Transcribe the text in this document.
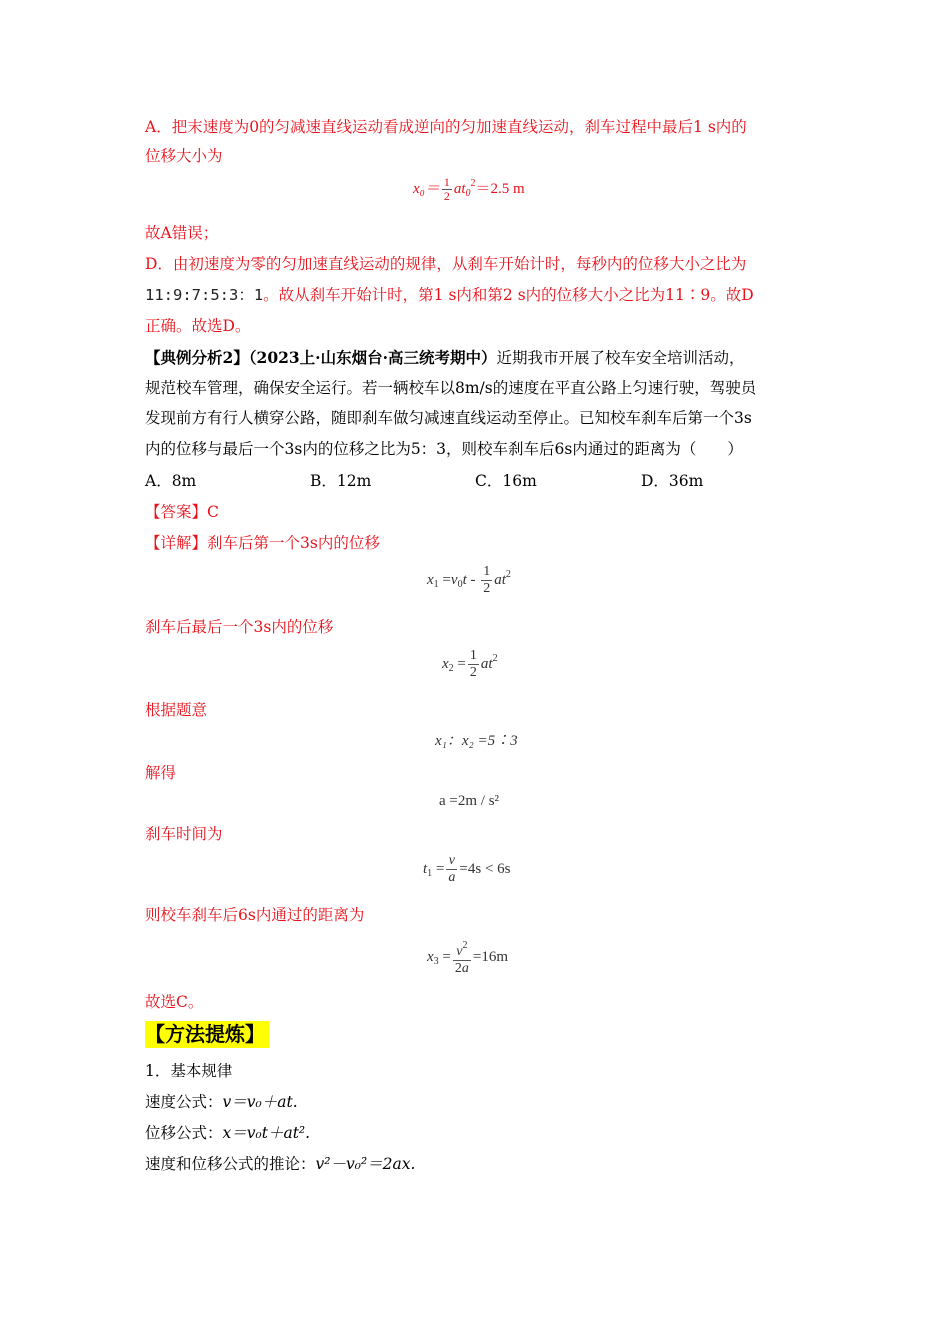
A．把末速度为0的匀减速直线运动看成逆向的匀加速直线运动，刹车过程中最后1 s内的
位移大小为
$x_0= \frac{1}{2} at_0^2=2.5$ m
故A错误；
D．由初速度为零的匀加速直线运动的规律，从刹车开始计时，每秒内的位移大小之比为
11:9:7:5:3：1。故从刹车开始计时，第1 s内和第2 s内的位移大小之比为11∶9。故D
正确。故选D。
【典例分析2】（2023上·山东烟台·高三统考期中）近期我市开展了校车安全培训活动，
规范校车管理，确保安全运行。若一辆校车以8m/s的速度在平直公路上匀速行驶，驾驶员
发现前方有行人横穿公路，随即刹车做匀减速直线运动至停止。已知校车刹车后第一个3s
内的位移与最后一个3s内的位移之比为5：3，则校车刹车后6s内通过的距离为（　　）
A．8m	B．12m	C．16m	D．36m
【答案】C
【详解】刹车后第一个3s内的位移
$x_1 =v_0t - \frac{1}{2} at^2$
刹车后最后一个3s内的位移
$x_2 = \frac{1}{2} at^2$
根据题意
x₁：x₂ =5∶3
解得
a =2m / s²
刹车时间为
$t_1 = \frac{v}{a} =4s < 6s$
则校车刹车后6s内通过的距离为
$x_3 = \frac{v^2}{2a} =16m$
故选C。
【方法提炼】
1．基本规律
速度公式：v＝v₀＋at.
位移公式：x＝v₀t＋at².
速度和位移公式的推论：v²－v₀²＝2ax.
